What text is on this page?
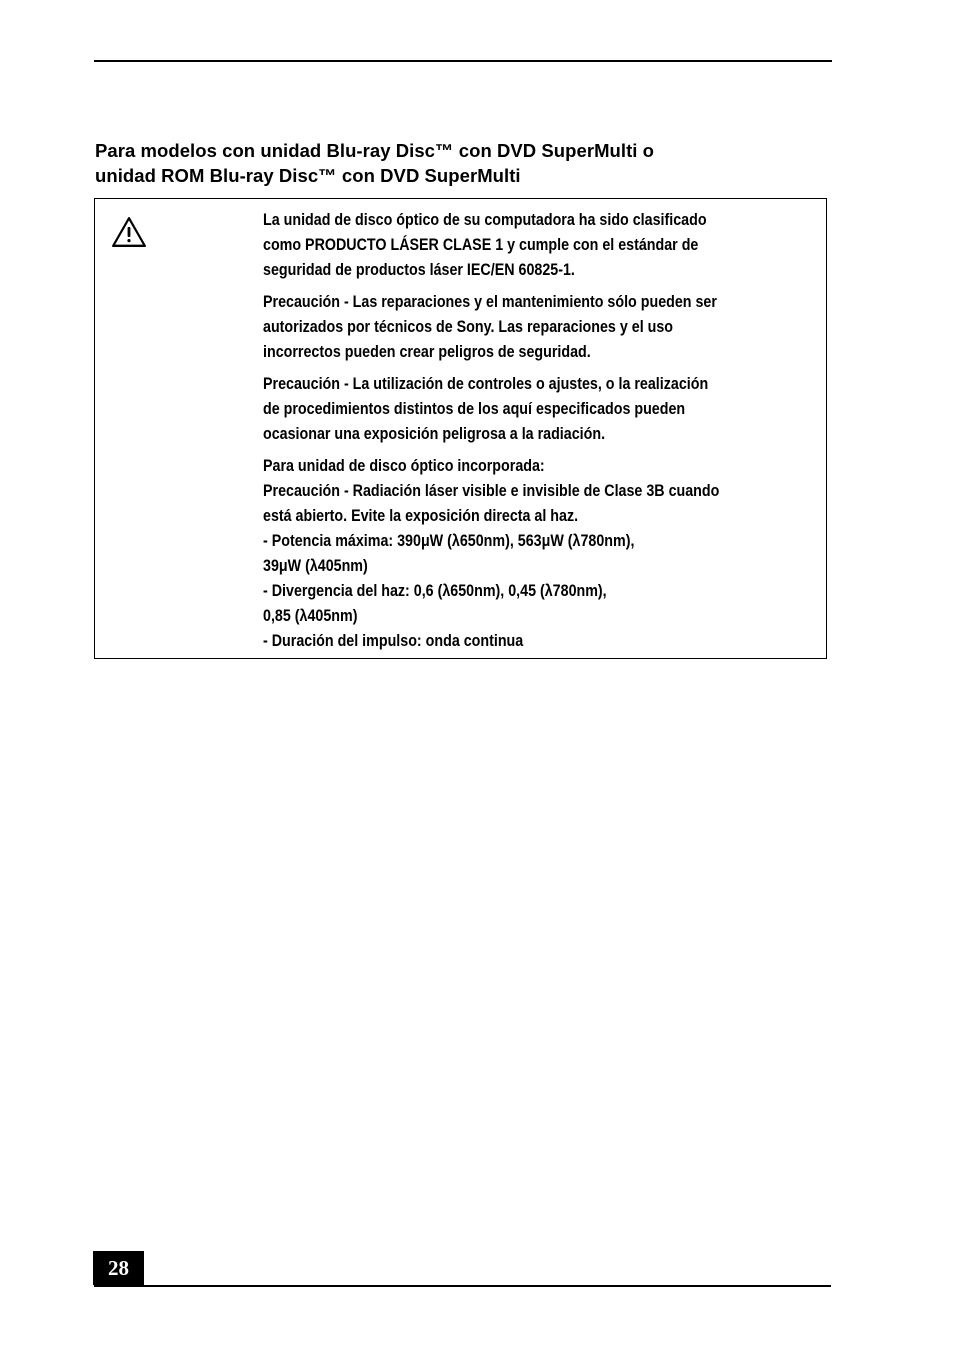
Para modelos con unidad Blu-ray Disc™ con DVD SuperMulti o
unidad ROM Blu-ray Disc™ con DVD SuperMulti
La unidad de disco óptico de su computadora ha sido clasificado
como PRODUCTO LÁSER CLASE 1 y cumple con el estándar de
seguridad de productos láser IEC/EN 60825-1.
Precaución - Las reparaciones y el mantenimiento sólo pueden ser
autorizados por técnicos de Sony. Las reparaciones y el uso
incorrectos pueden crear peligros de seguridad.
Precaución - La utilización de controles o ajustes, o la realización
de procedimientos distintos de los aquí especificados pueden
ocasionar una exposición peligrosa a la radiación.
Para unidad de disco óptico incorporada:
Precaución - Radiación láser visible e invisible de Clase 3B cuando
está abierto. Evite la exposición directa al haz.
- Potencia máxima: 390μW (λ650nm), 563μW (λ780nm),
39μW (λ405nm)
- Divergencia del haz: 0,6 (λ650nm), 0,45 (λ780nm),
0,85 (λ405nm)
- Duración del impulso: onda continua
28
